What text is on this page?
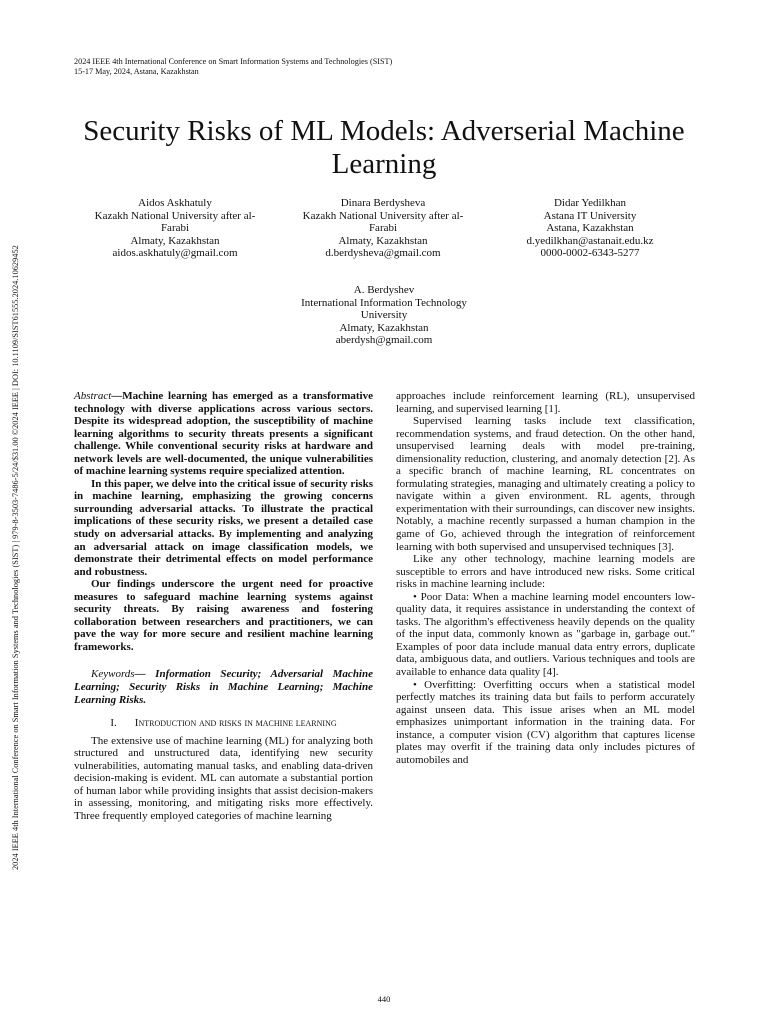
2024 IEEE 4th International Conference on Smart Information Systems and Technologies (SIST)
15-17 May, 2024, Astana, Kazakhstan
2024 IEEE 4th International Conference on Smart Information Systems and Technologies (SIST) | 979-8-3503-7486-5/24/$31.00 ©2024 IEEE | DOI: 10.1109/SIST61555.2024.10629452
Security Risks of ML Models: Adverserial Machine Learning
Aidos Askhatuly
Kazakh National University after al-
Farabi
Almaty, Kazakhstan
aidos.askhatuly@gmail.com
Dinara Berdysheva
Kazakh National University after al-
Farabi
Almaty, Kazakhstan
d.berdysheva@gmail.com
Didar Yedilkhan
Astana IT University
Astana, Kazakhstan
d.yedilkhan@astanait.edu.kz
0000-0002-6343-5277
A. Berdyshev
International Information Technology
University
Almaty, Kazakhstan
aberdysh@gmail.com

Abstract—Machine learning has emerged as a transformative technology with diverse applications across various sectors. Despite its widespread adoption, the susceptibility of machine learning algorithms to security threats presents a significant challenge. While conventional security risks at hardware and network levels are well-documented, the unique vulnerabilities of machine learning systems require specialized attention.

In this paper, we delve into the critical issue of security risks in machine learning, emphasizing the growing concerns surrounding adversarial attacks. To illustrate the practical implications of these security risks, we present a detailed case study on adversarial attacks. By implementing and analyzing an adversarial attack on image classification models, we demonstrate their detrimental effects on model performance and robustness.

Our findings underscore the urgent need for proactive measures to safeguard machine learning systems against security threats. By raising awareness and fostering collaboration between researchers and practitioners, we can pave the way for more secure and resilient machine learning frameworks.

Keywords— Information Security; Adversarial Machine Learning; Security Risks in Machine Learning; Machine Learning Risks.

I. Introduction and risks in machine learning

The extensive use of machine learning (ML) for analyzing both structured and unstructured data, identifying new security vulnerabilities, automating manual tasks, and enabling data-driven decision-making is evident. ML can automate a substantial portion of human labor while providing insights that assist decision-makers in assessing, monitoring, and mitigating risks more effectively. Three frequently employed categories of machine learning

approaches include reinforcement learning (RL), unsupervised learning, and supervised learning [1].

Supervised learning tasks include text classification, recommendation systems, and fraud detection. On the other hand, unsupervised learning deals with model pre-training, dimensionality reduction, clustering, and anomaly detection [2]. As a specific branch of machine learning, RL concentrates on formulating strategies, managing and ultimately creating a policy to navigate within a given environment. RL agents, through experimentation with their surroundings, can discover new insights. Notably, a machine recently surpassed a human champion in the game of Go, achieved through the integration of reinforcement learning with both supervised and unsupervised techniques [3].

Like any other technology, machine learning models are susceptible to errors and have introduced new risks. Some critical risks in machine learning include:

• Poor Data: When a machine learning model encounters low-quality data, it requires assistance in understanding the context of tasks. The algorithm's effectiveness heavily depends on the quality of the input data, commonly known as "garbage in, garbage out." Examples of poor data include manual data entry errors, duplicate data, ambiguous data, and outliers. Various techniques and tools are available to enhance data quality [4].

• Overfitting: Overfitting occurs when a statistical model perfectly matches its training data but fails to perform accurately against unseen data. This issue arises when an ML model emphasizes unimportant information in the training data. For instance, a computer vision (CV) algorithm that captures license plates may overfit if the training data only includes pictures of automobiles and

440
